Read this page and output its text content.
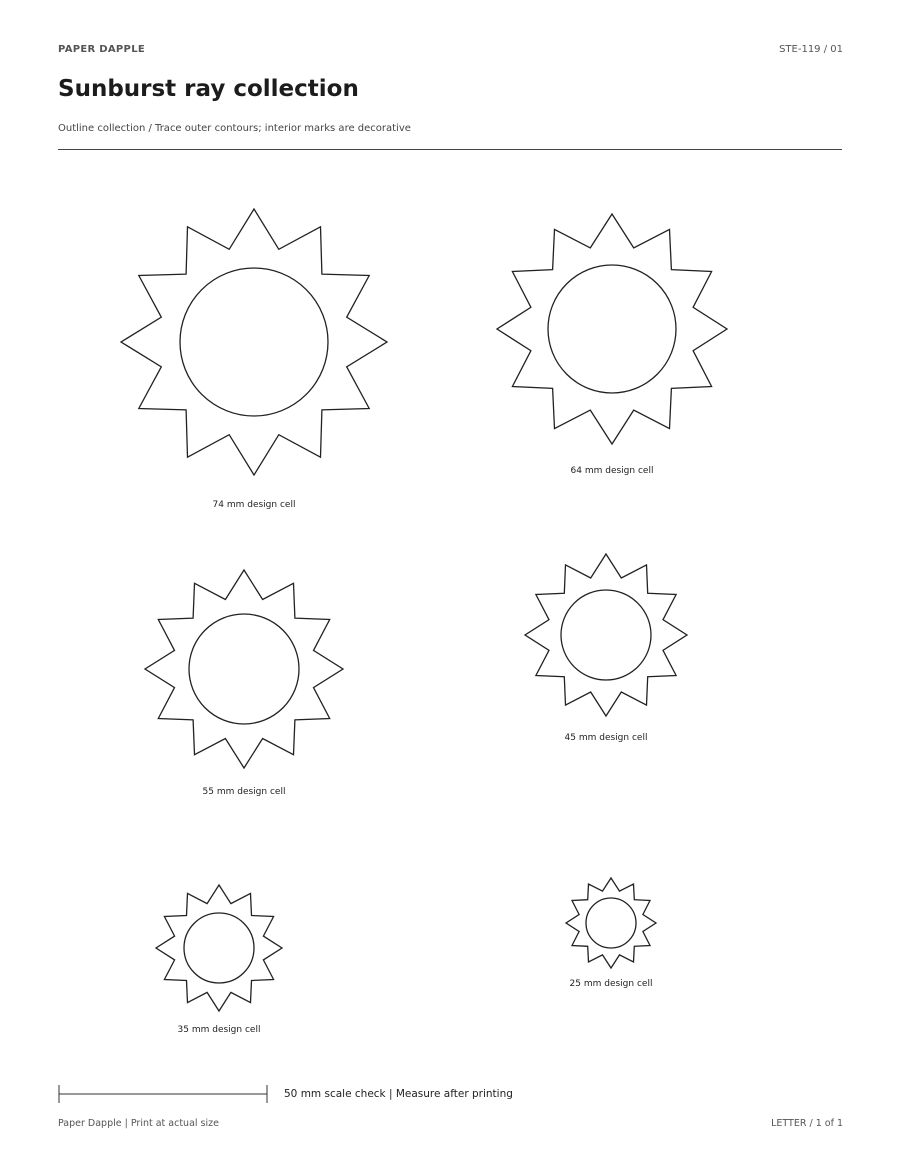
PAPER DAPPLE	STE-119 / 01
Sunburst ray collection
Outline collection / Trace outer contours; interior marks are decorative
74 mm design cell
64 mm design cell
55 mm design cell
45 mm design cell
35 mm design cell
25 mm design cell
50 mm scale check | Measure after printing
Paper Dapple | Print at actual size	LETTER / 1 of 1
